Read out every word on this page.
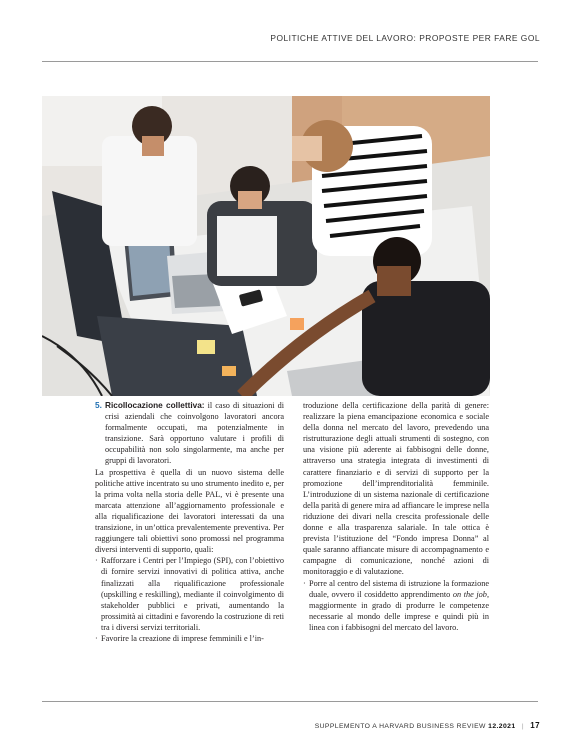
POLITICHE ATTIVE DEL LAVORO: PROPOSTE PER FARE GOL
5. Ricollocazione collettiva: il caso di situazioni di crisi aziendali che coinvolgono lavoratori ancora formalmente occupati, ma potenzialmente in transizione. Sarà opportuno valutare i profili di occupabilità non solo singolarmente, ma anche per gruppi di lavoratori.

La prospettiva è quella di un nuovo sistema delle politiche attive incentrato su uno strumento inedito e, per la prima volta nella storia delle PAL, vi è presente una marcata attenzione all’aggiornamento professionale e alla riqualificazione dei lavoratori interessati da una transizione, in un’ottica prevalentemente preventiva. Per raggiungere tali obiettivi sono promossi nel programma diversi interventi di supporto, quali:

· Rafforzare i Centri per l’Impiego (SPI), con l’obiettivo di fornire servizi innovativi di politica attiva, anche finalizzati alla riqualificazione professionale (upskilling e reskilling), mediante il coinvolgimento di stakeholder pubblici e privati, aumentando la prossimità ai cittadini e favorendo la costruzione di reti tra i diversi servizi territoriali.
· Favorire la creazione di imprese femminili e l’in-

troduzione della certificazione della parità di genere: realizzare la piena emancipazione economica e sociale della donna nel mercato del lavoro, prevedendo una ristrutturazione degli attuali strumenti di sostegno, con una visione più aderente ai fabbisogni delle donne, attraverso una strategia integrata di investimenti di carattere finanziario e di servizi di supporto per la promozione dell’imprenditorialità femminile. L’introduzione di un sistema nazionale di certificazione della parità di genere mira ad affiancare le imprese nella riduzione dei divari nella crescita professionale delle donne e alla trasparenza salariale. In tale ottica è prevista l’istituzione del “Fondo impresa Donna” al quale saranno affiancate misure di accompagnamento e campagne di comunicazione, nonché azioni di monitoraggio e di valutazione.

· Porre al centro del sistema di istruzione la formazione duale, ovvero il cosiddetto apprendimento on the job, maggiormente in grado di produrre le competenze necessarie al mondo delle imprese e quindi più in linea con i fabbisogni del mercato del lavoro.
SUPPLEMENTO A HARVARD BUSINESS REVIEW 12.2021 | 17
